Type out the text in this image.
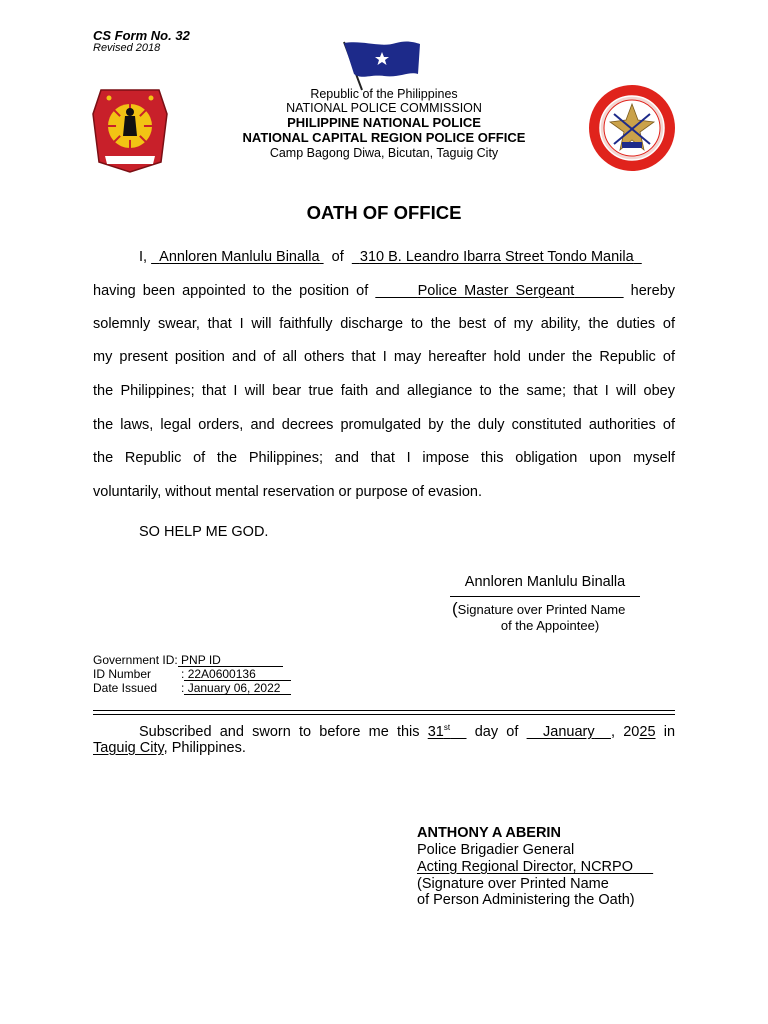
CS Form No. 32
Revised 2018
Republic of the Philippines
NATIONAL POLICE COMMISSION
PHILIPPINE NATIONAL POLICE
NATIONAL CAPITAL REGION POLICE OFFICE
Camp Bagong Diwa, Bicutan, Taguig City
OATH OF OFFICE
I, Annloren Manlulu Binalla of 310 B. Leandro Ibarra Street Tondo Manila
having been appointed to the position of	Police Master Sergeant	hereby
solemnly swear, that I will faithfully discharge to the best of my ability, the duties of
my present position and of all others that I may hereafter hold under the Republic of
the Philippines; that I will bear true faith and allegiance to the same; that I will obey
the laws, legal orders, and decrees promulgated by the duly constituted authorities of
the Republic of the Philippines; and that I impose this obligation upon myself
voluntarily, without mental reservation or purpose of evasion.
SO HELP ME GOD.
Annloren Manlulu Binalla
(Signature over Printed Name
of the Appointee)
Government ID: PNP ID
ID Number : 22A0600136
Date Issued : January 06, 2022
Subscribed and sworn to before me this 31st day of January , 2025 in
Taguig City, Philippines.
ANTHONY A ABERIN
Police Brigadier General
Acting Regional Director, NCRPO
(Signature over Printed Name
of Person Administering the Oath)
